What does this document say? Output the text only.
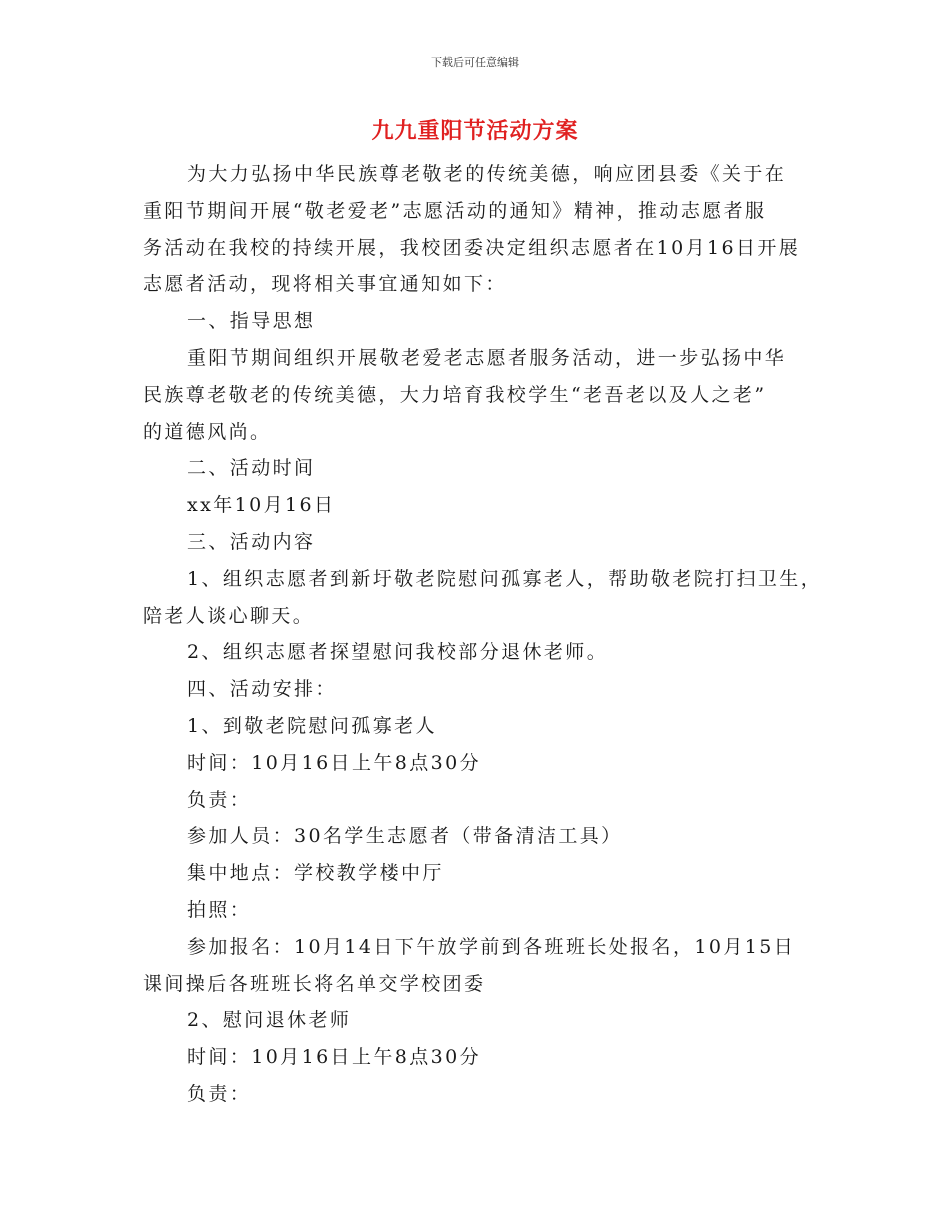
下载后可任意编辑
九九重阳节活动方案
为大力弘扬中华民族尊老敬老的传统美德，响应团县委《关于在
重阳节期间开展“敬老爱老”志愿活动的通知》精神，推动志愿者服
务活动在我校的持续开展，我校团委决定组织志愿者在10月16日开展
志愿者活动，现将相关事宜通知如下：
一、指导思想
重阳节期间组织开展敬老爱老志愿者服务活动，进一步弘扬中华
民族尊老敬老的传统美德，大力培育我校学生“老吾老以及人之老”
的道德风尚。
二、活动时间
xx年10月16日
三、活动内容
1、组织志愿者到新圩敬老院慰问孤寡老人，帮助敬老院打扫卫生，
陪老人谈心聊天。
2、组织志愿者探望慰问我校部分退休老师。
四、活动安排：
1、到敬老院慰问孤寡老人
时间：10月16日上午8点30分
负责：
参加人员：30名学生志愿者（带备清洁工具）
集中地点：学校教学楼中厅
拍照：
参加报名：10月14日下午放学前到各班班长处报名，10月15日
课间操后各班班长将名单交学校团委
2、慰问退休老师
时间：10月16日上午8点30分
负责：
